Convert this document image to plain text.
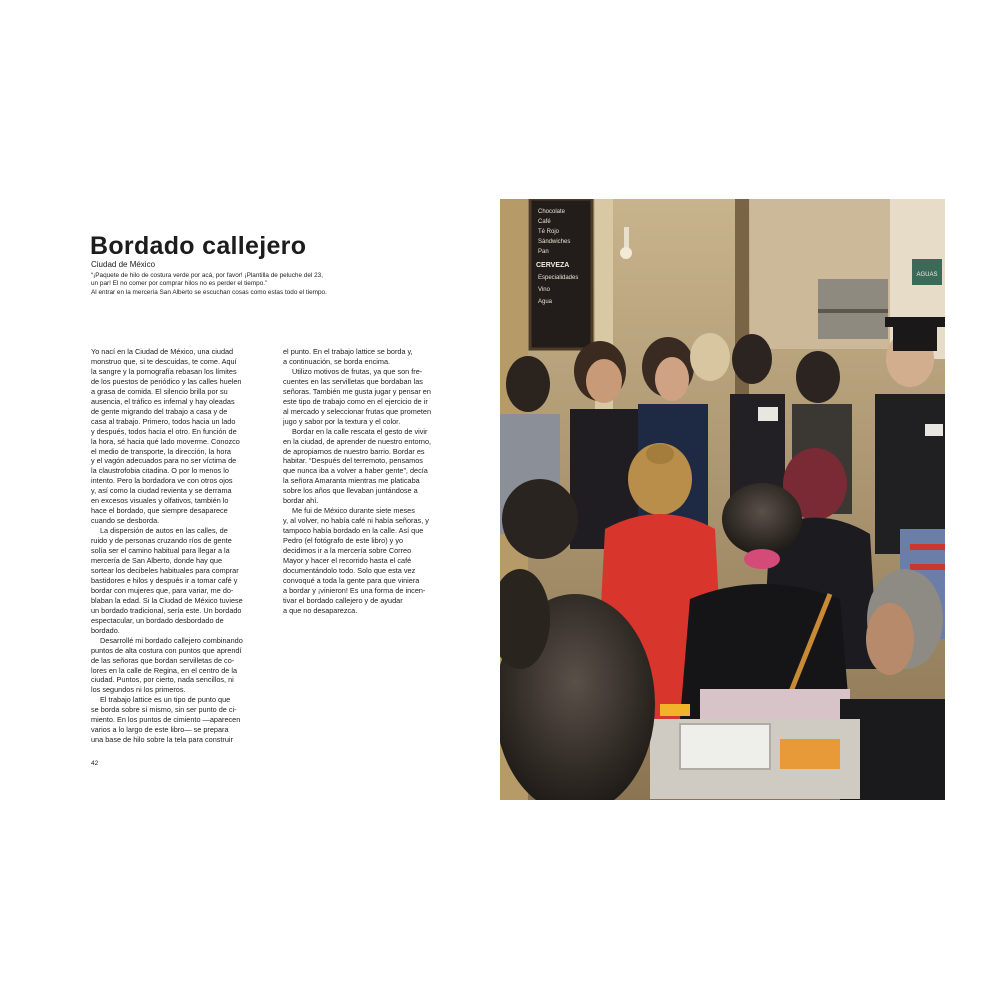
Bordado callejero
Ciudad de México

“¡Paquete de hilo de costura verde por acá, por favor! ¡Plantilla de peluche del 23,

un par! El no comer por comprar hilos no es perder el tiempo.”

Al entrar en la mercería San Alberto se escuchan cosas como estas todo el tiempo.

Yo nací en la Ciudad de México, una ciudad
monstruo que, si te descuidas, te come. Aquí
la sangre y la pornografía rebasan los límites
de los puestos de periódico y las calles huelen
a grasa de comida. El silencio brilla por su
ausencia, el tráfico es infernal y hay oleadas
de gente migrando del trabajo a casa y de
casa al trabajo. Primero, todos hacia un lado
y después, todos hacia el otro. En función de
la hora, sé hacia qué lado moverme. Conozco
el medio de transporte, la dirección, la hora
y el vagón adecuados para no ser víctima de
la claustrofobia citadina. O por lo menos lo
intento. Pero la bordadora ve con otros ojos
y, así como la ciudad revienta y se derrama
en excesos visuales y olfativos, también lo
hace el bordado, que siempre desaparece
cuando se desborda.

La dispersión de autos en las calles, de
ruido y de personas cruzando ríos de gente
solía ser el camino habitual para llegar a la
mercería de San Alberto, donde hay que
sortear los decibeles habituales para comprar
bastidores e hilos y después ir a tomar café y
bordar con mujeres que, para variar, me do-
blaban la edad. Si la Ciudad de México tuviese
un bordado tradicional, sería este. Un bordado
espectacular, un bordado desbordado de
bordado.

Desarrollé mi bordado callejero combinando
puntos de alta costura con puntos que aprendí
de las señoras que bordan servilletas de co-
lores en la calle de Regina, en el centro de la
ciudad. Puntos, por cierto, nada sencillos, ni
los segundos ni los primeros.

El trabajo lattice es un tipo de punto que
se borda sobre sí mismo, sin ser punto de ci-
miento. En los puntos de cimiento —aparecen
varios a lo largo de este libro— se prepara
una base de hilo sobre la tela para construir

el punto. En el trabajo lattice se borda y,
a continuación, se borda encima.

Utilizo motivos de frutas, ya que son fre-
cuentes en las servilletas que bordaban las
señoras. También me gusta jugar y pensar en
este tipo de trabajo como en el ejercicio de ir
al mercado y seleccionar frutas que prometen
jugo y sabor por la textura y el color.

Bordar en la calle rescata el gesto de vivir
en la ciudad, de aprender de nuestro entorno,
de apropiarnos de nuestro barrio. Bordar es
habitar. “Después del terremoto, pensamos
que nunca iba a volver a haber gente”, decía
la señora Amaranta mientras me platicaba
sobre los años que llevaban juntándose a
bordar ahí.

Me fui de México durante siete meses
y, al volver, no había café ni había señoras, y
tampoco había bordado en la calle. Así que
Pedro (el fotógrafo de este libro) y yo
decidimos ir a la mercería sobre Correo
Mayor y hacer el recorrido hasta el café
documentándolo todo. Solo que esta vez
convoqué a toda la gente para que viniera
a bordar y ¡vinieron! Es una forma de incen-
tivar el bordado callejero y de ayudar
a que no desaparezca.

42
AGUAS
Chocolate
Café
Té Rojo
Sándwiches
Pan
CERVEZA
Especialidades
Vino
Agua
